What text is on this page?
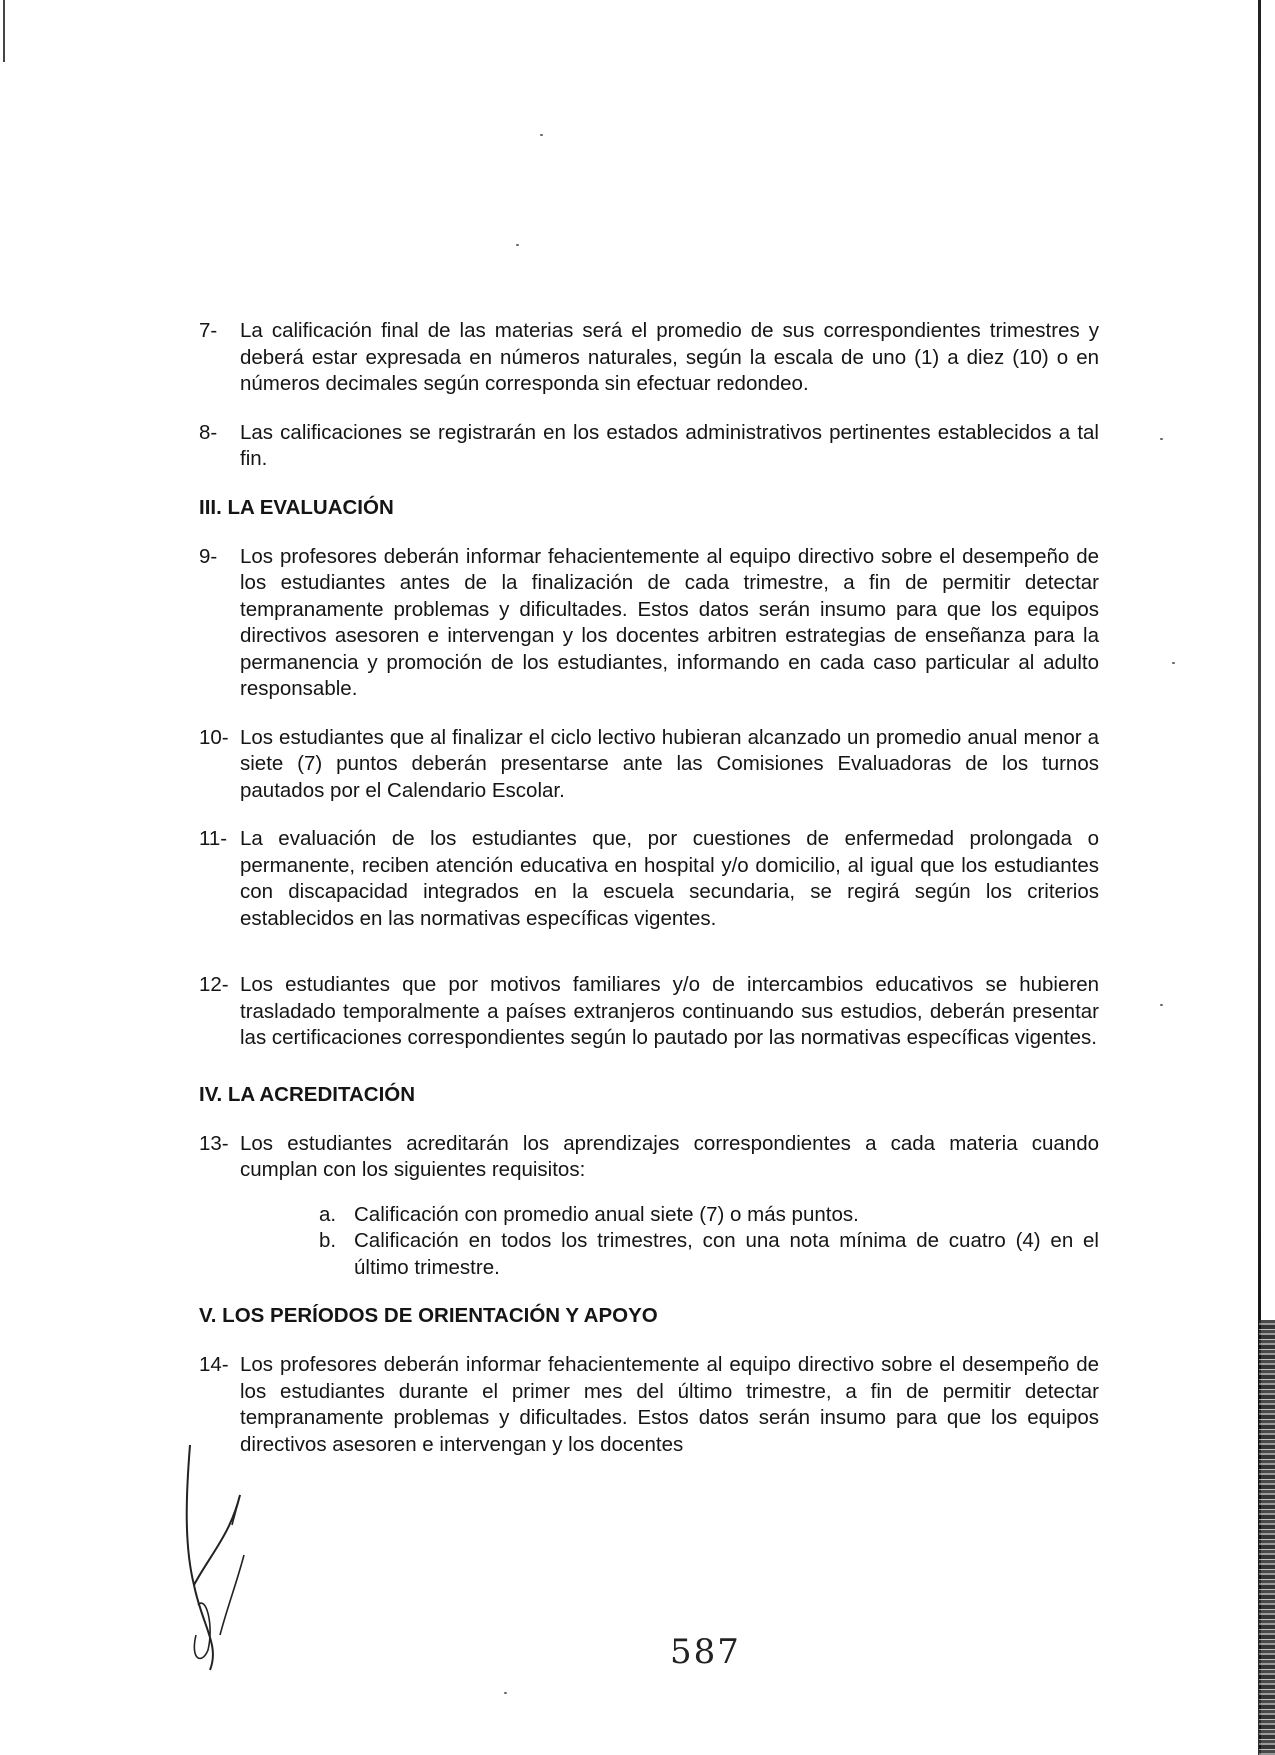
7- La calificación final de las materias será el promedio de sus correspondientes trimestres y deberá estar expresada en números naturales, según la escala de uno (1) a diez (10) o en números decimales según corresponda sin efectuar redondeo.
8- Las calificaciones se registrarán en los estados administrativos pertinentes establecidos a tal fin.
III. LA EVALUACIÓN
9- Los profesores deberán informar fehacientemente al equipo directivo sobre el desempeño de los estudiantes antes de la finalización de cada trimestre, a fin de permitir detectar tempranamente problemas y dificultades. Estos datos serán insumo para que los equipos directivos asesoren e intervengan y los docentes arbitren estrategias de enseñanza para la permanencia y promoción de los estudiantes, informando en cada caso particular al adulto responsable.
10- Los estudiantes que al finalizar el ciclo lectivo hubieran alcanzado un promedio anual menor a siete (7) puntos deberán presentarse ante las Comisiones Evaluadoras de los turnos pautados por el Calendario Escolar.
11- La evaluación de los estudiantes que, por cuestiones de enfermedad prolongada o permanente, reciben atención educativa en hospital y/o domicilio, al igual que los estudiantes con discapacidad integrados en la escuela secundaria, se regirá según los criterios establecidos en las normativas específicas vigentes.
12- Los estudiantes que por motivos familiares y/o de intercambios educativos se hubieren trasladado temporalmente a países extranjeros continuando sus estudios, deberán presentar las certificaciones correspondientes según lo pautado por las normativas específicas vigentes.
IV. LA ACREDITACIÓN
13- Los estudiantes acreditarán los aprendizajes correspondientes a cada materia cuando cumplan con los siguientes requisitos:
a. Calificación con promedio anual siete (7) o más puntos.
b. Calificación en todos los trimestres, con una nota mínima de cuatro (4) en el último trimestre.
V. LOS PERÍODOS DE ORIENTACIÓN Y APOYO
14- Los profesores deberán informar fehacientemente al equipo directivo sobre el desempeño de los estudiantes durante el primer mes del último trimestre, a fin de permitir detectar tempranamente problemas y dificultades. Estos datos serán insumo para que los equipos directivos asesoren e intervengan y los docentes
587
